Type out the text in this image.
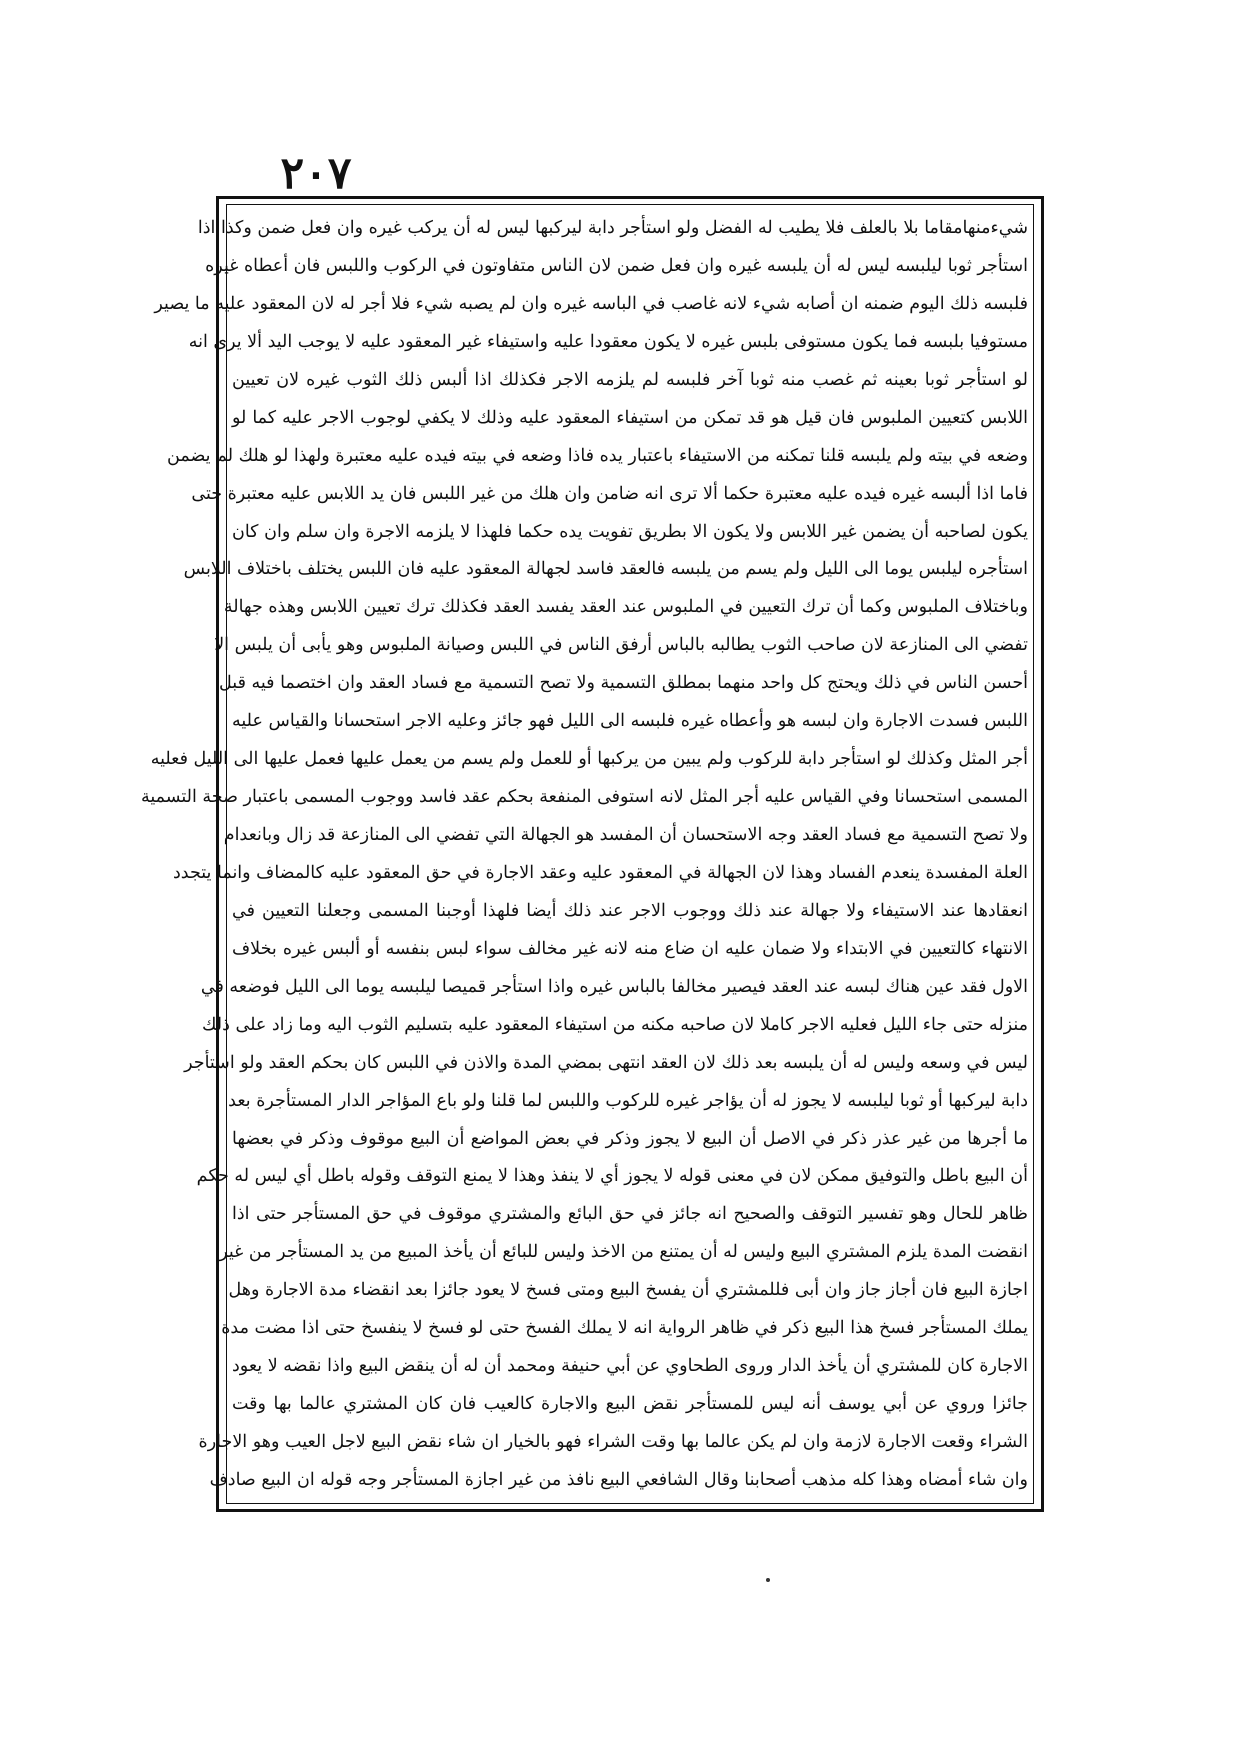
٢٠٧
شيءمنهامقاما بلا بالعلف فلا يطيب له الفضل ولو استأجر دابة ليركبها ليس له أن يركب غيره وان فعل ضمن وكذا اذا
استأجر ثوبا ليلبسه ليس له أن يلبسه غيره وان فعل ضمن لان الناس متفاوتون في الركوب واللبس فان أعطاه غيره
فلبسه ذلك اليوم ضمنه ان أصابه شيء لانه غاصب في الباسه غيره وان لم يصبه شيء فلا أجر له لان المعقود عليه ما يصير
مستوفيا بلبسه فما يكون مستوفى بلبس غيره لا يكون معقودا عليه واستيفاء غير المعقود عليه لا يوجب اليد ألا يرى انه
لو استأجر ثوبا بعينه ثم غصب منه ثوبا آخر فلبسه لم يلزمه الاجر فكذلك اذا ألبس ذلك الثوب غيره لان تعيين
اللابس كتعيين الملبوس فان قيل هو قد تمكن من استيفاء المعقود عليه وذلك لا يكفي لوجوب الاجر عليه كما لو
وضعه في بيته ولم يلبسه قلنا تمكنه من الاستيفاء باعتبار يده فاذا وضعه في بيته فيده عليه معتبرة ولهذا لو هلك لم يضمن
فاما اذا ألبسه غيره فيده عليه معتبرة حكما ألا ترى انه ضامن وان هلك من غير اللبس فان يد اللابس عليه معتبرة حتى
يكون لصاحبه أن يضمن غير اللابس ولا يكون الا بطريق تفويت يده حكما فلهذا لا يلزمه الاجرة وان سلم وان كان
استأجره ليلبس يوما الى الليل ولم يسم من يلبسه فالعقد فاسد لجهالة المعقود عليه فان اللبس يختلف باختلاف اللابس
وباختلاف الملبوس وكما أن ترك التعيين في الملبوس عند العقد يفسد العقد فكذلك ترك تعيين اللابس وهذه جهالة
تفضي الى المنازعة لان صاحب الثوب يطالبه بالباس أرفق الناس في اللبس وصيانة الملبوس وهو يأبى أن يلبس الا
أحسن الناس في ذلك ويحتج كل واحد منهما بمطلق التسمية ولا تصح التسمية مع فساد العقد وان اختصما فيه قبل
اللبس فسدت الاجارة وان لبسه هو وأعطاه غيره فلبسه الى الليل فهو جائز وعليه الاجر استحسانا والقياس عليه
أجر المثل وكذلك لو استأجر دابة للركوب ولم يبين من يركبها أو للعمل ولم يسم من يعمل عليها فعمل عليها الى الليل فعليه
المسمى استحسانا وفي القياس عليه أجر المثل لانه استوفى المنفعة بحكم عقد فاسد ووجوب المسمى باعتبار صحة التسمية
ولا تصح التسمية مع فساد العقد وجه الاستحسان أن المفسد هو الجهالة التي تفضي الى المنازعة قد زال وبانعدام
العلة المفسدة ينعدم الفساد وهذا لان الجهالة في المعقود عليه وعقد الاجارة في حق المعقود عليه كالمضاف وانما يتجدد
انعقادها عند الاستيفاء ولا جهالة عند ذلك ووجوب الاجر عند ذلك أيضا فلهذا أوجبنا المسمى وجعلنا التعيين في
الانتهاء كالتعيين في الابتداء ولا ضمان عليه ان ضاع منه لانه غير مخالف سواء لبس بنفسه أو ألبس غيره بخلاف
الاول فقد عين هناك لبسه عند العقد فيصير مخالفا بالباس غيره واذا استأجر قميصا ليلبسه يوما الى الليل فوضعه في
منزله حتى جاء الليل فعليه الاجر كاملا لان صاحبه مكنه من استيفاء المعقود عليه بتسليم الثوب اليه وما زاد على ذلك
ليس في وسعه وليس له أن يلبسه بعد ذلك لان العقد انتهى بمضي المدة والاذن في اللبس كان بحكم العقد ولو استأجر
دابة ليركبها أو ثوبا ليلبسه لا يجوز له أن يؤاجر غيره للركوب واللبس لما قلنا ولو باع المؤاجر الدار المستأجرة بعد
ما أجرها من غير عذر ذكر في الاصل أن البيع لا يجوز وذكر في بعض المواضع أن البيع موقوف وذكر في بعضها
أن البيع باطل والتوفيق ممكن لان في معنى قوله لا يجوز أي لا ينفذ وهذا لا يمنع التوقف وقوله باطل أي ليس له حكم
ظاهر للحال وهو تفسير التوقف والصحيح انه جائز في حق البائع والمشتري موقوف في حق المستأجر حتى اذا
انقضت المدة يلزم المشتري البيع وليس له أن يمتنع من الاخذ وليس للبائع أن يأخذ المبيع من يد المستأجر من غير
اجازة البيع فان أجاز جاز وان أبى فللمشتري أن يفسخ البيع ومتى فسخ لا يعود جائزا بعد انقضاء مدة الاجارة وهل
يملك المستأجر فسخ هذا البيع ذكر في ظاهر الرواية انه لا يملك الفسخ حتى لو فسخ لا ينفسخ حتى اذا مضت مدة
الاجارة كان للمشتري أن يأخذ الدار وروى الطحاوي عن أبي حنيفة ومحمد أن له أن ينقض البيع واذا نقضه لا يعود
جائزا وروي عن أبي يوسف أنه ليس للمستأجر نقض البيع والاجارة كالعيب فان كان المشتري عالما بها وقت
الشراء وقعت الاجارة لازمة وان لم يكن عالما بها وقت الشراء فهو بالخيار ان شاء نقض البيع لاجل العيب وهو الاجارة
وان شاء أمضاه وهذا كله مذهب أصحابنا وقال الشافعي البيع نافذ من غير اجازة المستأجر وجه قوله ان البيع صادف
